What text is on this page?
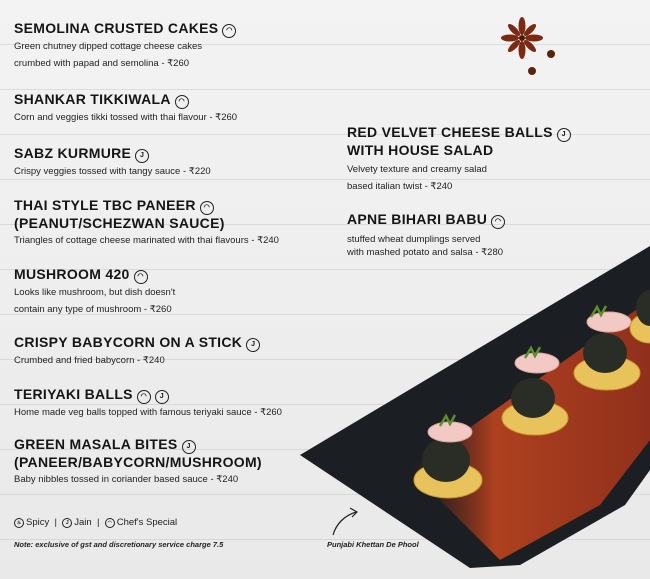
SEMOLINA CRUSTED CAKES ◠
Green chutney dipped cottage cheese cakes
crumbed with papad and semolina - ₹260
SHANKAR TIKKIWALA ◠
Corn and veggies tikki tossed with thai flavour - ₹260
SABZ KURMURE J
Crispy veggies tossed with tangy sauce - ₹220
THAI STYLE TBC PANEER ◠
(PEANUT/SCHEZWAN SAUCE)
Triangles of cottage cheese marinated with thai flavours - ₹240
MUSHROOM 420 ◠
Looks like mushroom, but dish doesn't
contain any type of mushroom - ₹260
CRISPY BABYCORN ON A STICK J
Crumbed and fried babycorn - ₹240
TERIYAKI BALLS ◠ J
Home made veg balls topped with famous teriyaki sauce - ₹260
GREEN MASALA BITES J
(PANEER/BABYCORN/MUSHROOM)
Baby nibbles tossed in coriander based sauce - ₹240
RED VELVET CHEESE BALLS J
WITH HOUSE SALAD
Velvety texture and creamy salad
based italian twist - ₹240
APNE BIHARI BABU ◠
stuffed wheat dumplings served
with mashed potato and salsa - ₹280
♨ Spicy  |  J Jain  |  ◠ Chef's Special
Note: exclusive of gst and discretionary service charge 7.5	Punjabi Khettan De Phool
